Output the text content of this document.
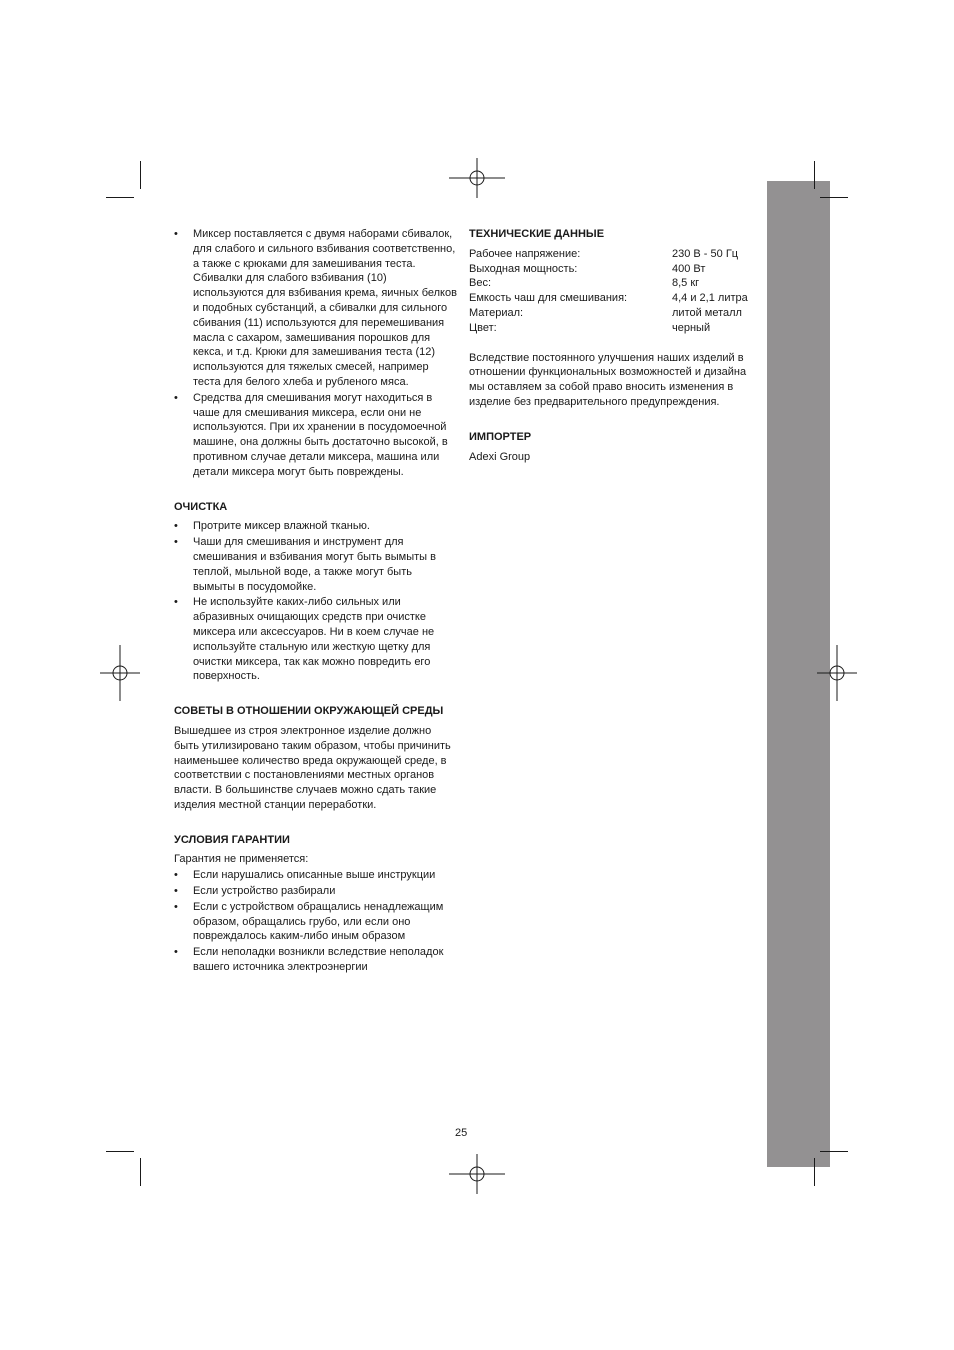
• Миксер поставляется с двумя наборами сбивалок, для слабого и сильного взбивания соответственно, а также с крюками для замешивания теста. Сбивалки для слабого взбивания (10) используются для взбивания крема, яичных белков и подобных субстанций, а сбивалки для сильного сбивания (11) используются для перемешивания масла с сахаром, замешивания порошков для кекса, и т.д. Крюки для замешивания теста (12) используются для тяжелых смесей, например теста для белого хлеба и рубленого мяса.
• Средства для смешивания могут находиться в чаше для смешивания миксера, если они не используются. При их хранении в посудомоечной машине, она должны быть достаточно высокой, в противном случае детали миксера, машина или детали миксера могут быть повреждены.
ОЧИСТКА
• Протрите миксер влажной тканью.
• Чаши для смешивания и инструмент для смешивания и взбивания могут быть вымыты в теплой, мыльной воде, а также могут быть вымыты в посудомойке.
• Не используйте каких-либо сильных или абразивных очищающих средств при очистке миксера или аксессуаров. Ни в коем случае не используйте стальную или жесткую щетку для очистки миксера, так как можно повредить его поверхность.
СОВЕТЫ В ОТНОШЕНИИ ОКРУЖАЮЩЕЙ СРЕДЫ

Вышедшее из строя электронное изделие должно быть утилизировано таким образом, чтобы причинить наименьшее количество вреда окружающей среде, в соответствии с постановлениями местных органов власти. В большинстве случаев можно сдать такие изделия местной станции переработки.

УСЛОВИЯ ГАРАНТИИ

Гарантия не применяется:

• Если нарушались описанные выше инструкции
• Если устройство разбирали
• Если с устройством обращались ненадлежащим образом, обращались грубо, или если оно повреждалось каким-либо иным образом
• Если неполадки возникли вследствие неполадок вашего источника электроэнергии
ТЕХНИЧЕСКИЕ ДАННЫЕ
Рабочее напряжение:	230 В - 50 Гц
Выходная мощность:	400 Вт
Вес:	8,5 кг
Емкость чаш для смешивания:	4,4 и 2,1 литра
Материал:	литой металл
Цвет:	черный

Вследствие постоянного улучшения наших изделий в отношении функциональных возможностей и дизайна мы оставляем за собой право вносить изменения в изделие без предварительного предупреждения.

ИМПОРТЕР

Adexi Group

25
